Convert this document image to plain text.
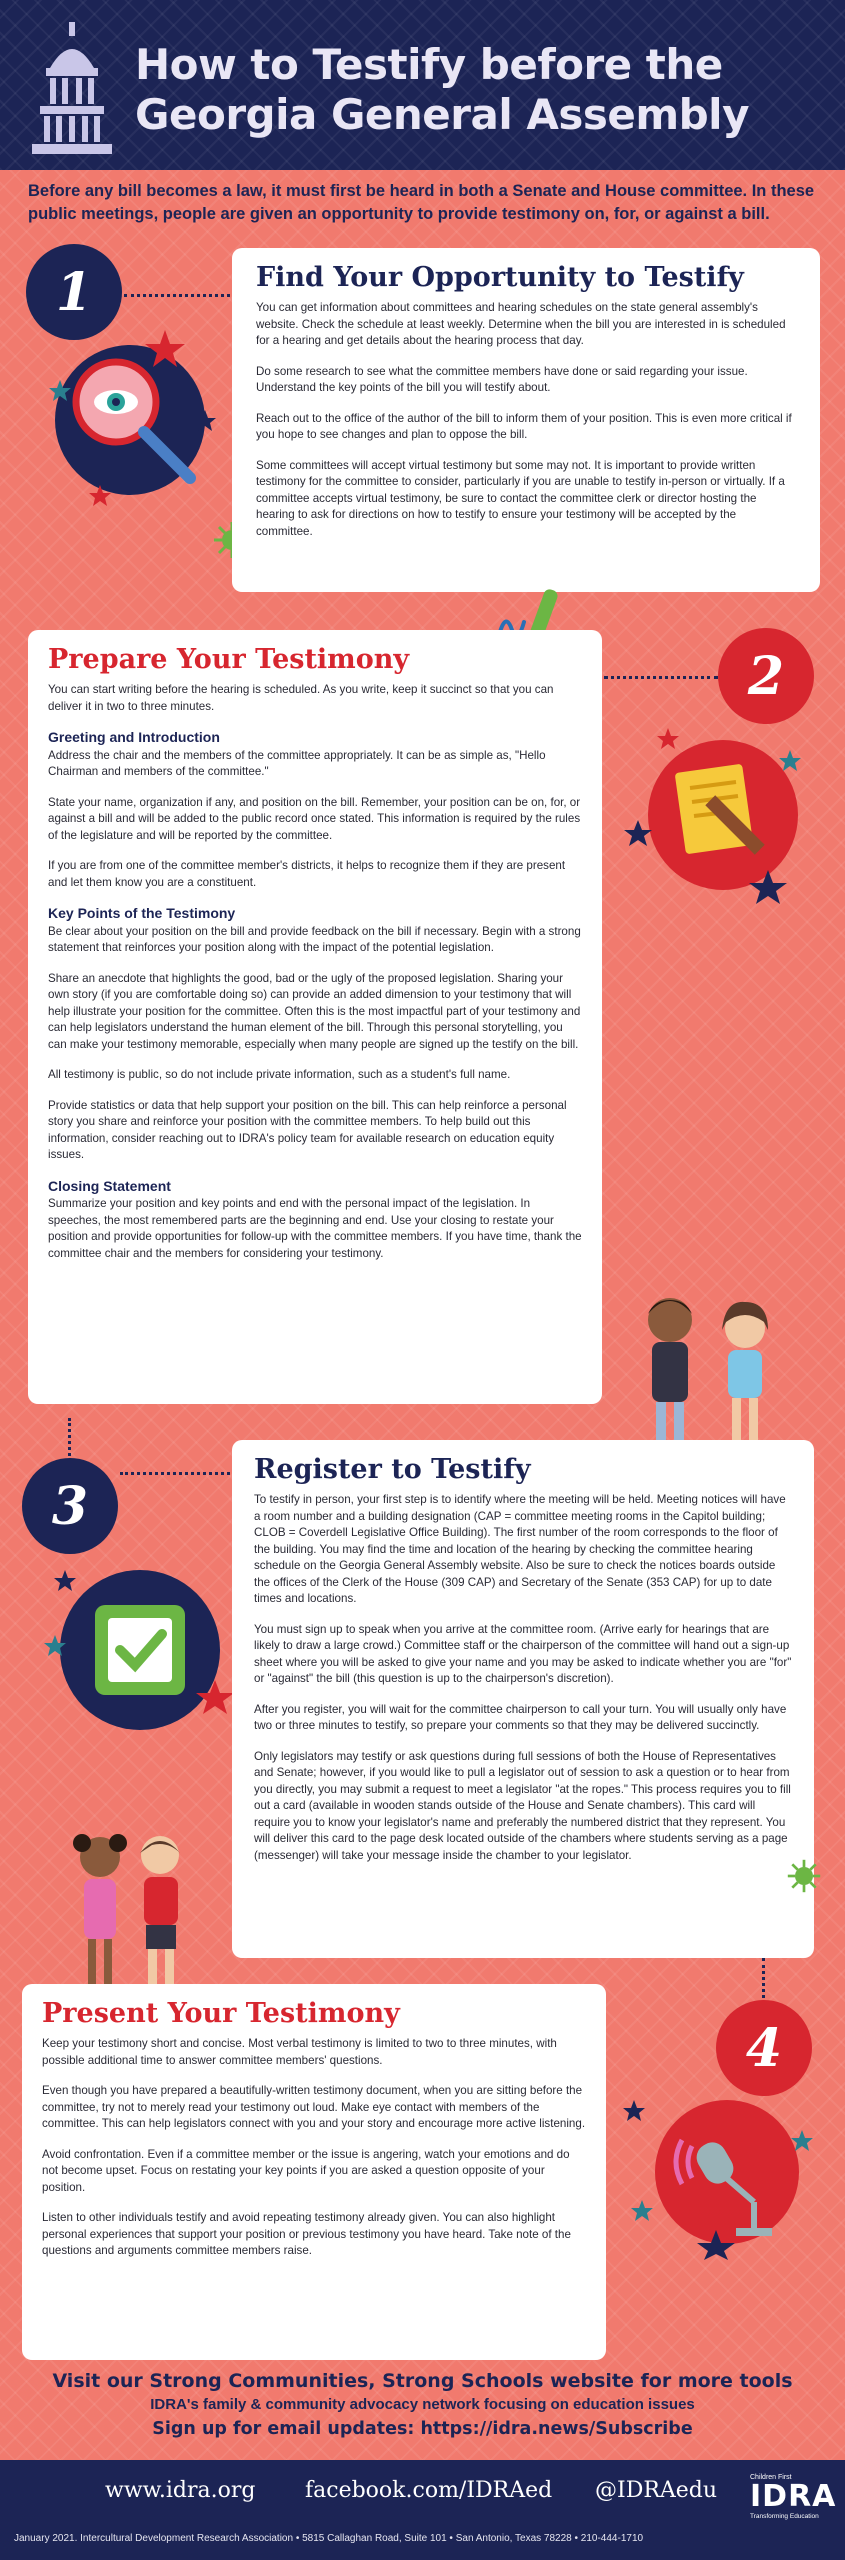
How to Testify before the
Georgia General Assembly
Before any bill becomes a law, it must first be heard in both a Senate and House committee. In these public meetings, people are given an opportunity to provide testimony on, for, or against a bill.
1	Find Your Opportunity to Testify

You can get information about committees and hearing schedules on the state general assembly's website. Check the schedule at least weekly. Determine when the bill you are interested in is scheduled for a hearing and get details about the hearing process that day.

Do some research to see what the committee members have done or said regarding your issue. Understand the key points of the bill you will testify about.

Reach out to the office of the author of the bill to inform them of your position. This is even more critical if you hope to see changes and plan to oppose the bill.

Some committees will accept virtual testimony but some may not. It is important to provide written testimony for the committee to consider, particularly if you are unable to testify in-person or virtually. If a committee accepts virtual testimony, be sure to contact the committee clerk or director hosting the hearing to ask for directions on how to testify to ensure your testimony will be accepted by the committee.

Prepare Your Testimony

You can start writing before the hearing is scheduled. As you write, keep it succinct so that you can deliver it in two to three minutes.

Greeting and Introduction

Address the chair and the members of the committee appropriately. It can be as simple as, "Hello Chairman and members of the committee."

State your name, organization if any, and position on the bill. Remember, your position can be on, for, or against a bill and will be added to the public record once stated. This information is required by the rules of the legislature and will be reported by the committee.

If you are from one of the committee member's districts, it helps to recognize them if they are present and let them know you are a constituent.

Key Points of the Testimony

Be clear about your position on the bill and provide feedback on the bill if necessary. Begin with a strong statement that reinforces your position along with the impact of the potential legislation.

Share an anecdote that highlights the good, bad or the ugly of the proposed legislation. Sharing your own story (if you are comfortable doing so) can provide an added dimension to your testimony that will help illustrate your position for the committee. Often this is the most impactful part of your testimony and can help legislators understand the human element of the bill. Through this personal storytelling, you can make your testimony memorable, especially when many people are signed up the testify on the bill.

All testimony is public, so do not include private information, such as a student's full name.

Provide statistics or data that help support your position on the bill. This can help reinforce a personal story you share and reinforce your position with the committee members. To help build out this information, consider reaching out to IDRA's policy team for available research on education equity issues.

Closing Statement

Summarize your position and key points and end with the personal impact of the legislation. In speeches, the most remembered parts are the beginning and end. Use your closing to restate your position and provide opportunities for follow-up with the committee members. If you have time, thank the committee chair and the members for considering your testimony.

2
3
Register to Testify

To testify in person, your first step is to identify where the meeting will be held. Meeting notices will have a room number and a building designation (CAP = committee meeting rooms in the Capitol building; CLOB = Coverdell Legislative Office Building). The first number of the room corresponds to the floor of the building. You may find the time and location of the hearing by checking the committee hearing schedule on the Georgia General Assembly website. Also be sure to check the notices boards outside the offices of the Clerk of the House (309 CAP) and Secretary of the Senate (353 CAP) for up to date times and locations.

You must sign up to speak when you arrive at the committee room. (Arrive early for hearings that are likely to draw a large crowd.) Committee staff or the chairperson of the committee will hand out a sign-up sheet where you will be asked to give your name and you may be asked to indicate whether you are "for" or "against" the bill (this question is up to the chairperson's discretion).

After you register, you will wait for the committee chairperson to call your turn. You will usually only have two or three minutes to testify, so prepare your comments so that they may be delivered succinctly.

Only legislators may testify or ask questions during full sessions of both the House of Representatives and Senate; however, if you would like to pull a legislator out of session to ask a question or to hear from you directly, you may submit a request to meet a legislator "at the ropes." This process requires you to fill out a card (available in wooden stands outside of the House and Senate chambers). This card will require you to know your legislator's name and preferably the numbered district that they represent. You will deliver this card to the page desk located outside of the chambers where students serving as a page (messenger) will take your message inside the chamber to your legislator.

4
Present Your Testimony

Keep your testimony short and concise. Most verbal testimony is limited to two to three minutes, with possible additional time to answer committee members' questions.

Even though you have prepared a beautifully-written testimony document, when you are sitting before the committee, try not to merely read your testimony out loud. Make eye contact with members of the committee. This can help legislators connect with you and your story and encourage more active listening.

Avoid confrontation. Even if a committee member or the issue is angering, watch your emotions and do not become upset. Focus on restating your key points if you are asked a question opposite of your position.

Listen to other individuals testify and avoid repeating testimony already given. You can also highlight personal experiences that support your position or previous testimony you have heard. Take note of the questions and arguments committee members raise.

Visit our Strong Communities, Strong Schools website for more tools
IDRA's family & community advocacy network focusing on education issues
Sign up for email updates: https://idra.news/Subscribe
www.idra.org facebook.com/IDRAed @IDRAedu
January 2021. Intercultural Development Research Association • 5815 Callaghan Road, Suite 101 • San Antonio, Texas 78228 • 210-444-1710
Children First
IDRA
Transforming Education
